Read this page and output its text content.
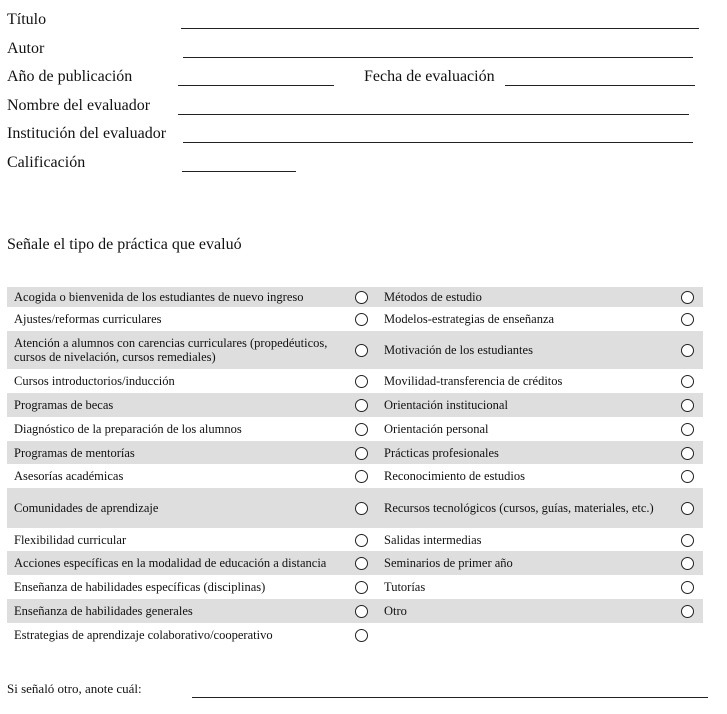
Título
Autor
Año de publicación	Fecha de evaluación
Nombre del evaluador
Institución del evaluador
Calificación
Señale el tipo de práctica que evaluó
Acogida o bienvenida de los estudiantes de nuevo ingreso		Métodos de estudio	
Ajustes/reformas curriculares		Modelos-estrategias de enseñanza	
Atención a alumnos con carencias curriculares (propedéuticos, cursos de nivelación, cursos remediales)		Motivación de los estudiantes	
Cursos introductorios/inducción		Movilidad-transferencia de créditos	
Programas de becas		Orientación institucional	
Diagnóstico de la preparación de los alumnos		Orientación personal	
Programas de mentorías		Prácticas profesionales	
Asesorías académicas		Reconocimiento de estudios	
Comunidades de aprendizaje		Recursos tecnológicos (cursos, guías, materiales, etc.)	
Flexibilidad curricular		Salidas intermedias	
Acciones específicas en la modalidad de educación a distancia		Seminarios de primer año	
Enseñanza de habilidades específicas (disciplinas)		Tutorías	
Enseñanza de habilidades generales		Otro	
Estrategias de aprendizaje colaborativo/cooperativo			
Si señaló otro, anote cuál:
